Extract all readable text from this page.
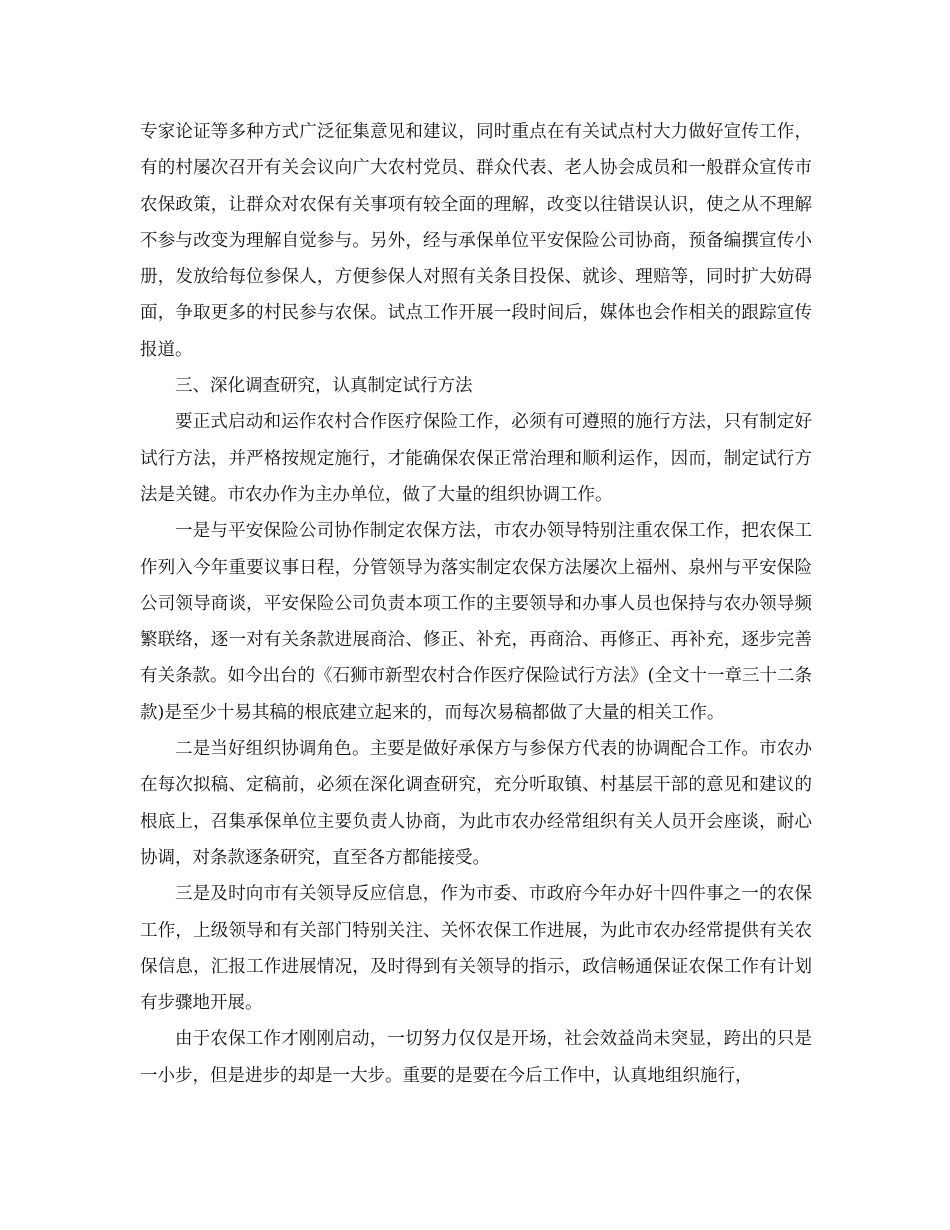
专家论证等多种方式广泛征集意见和建议，同时重点在有关试点村大力做好宣传工作，有的村屡次召开有关会议向广大农村党员、群众代表、老人协会成员和一般群众宣传市农保政策，让群众对农保有关事项有较全面的理解，改变以往错误认识，使之从不理解不参与改变为理解自觉参与。另外，经与承保单位平安保险公司协商，预备编撰宣传小册，发放给每位参保人，方便参保人对照有关条目投保、就诊、理赔等，同时扩大妨碍面，争取更多的村民参与农保。试点工作开展一段时间后，媒体也会作相关的跟踪宣传报道。

三、深化调查研究，认真制定试行方法

要正式启动和运作农村合作医疗保险工作，必须有可遵照的施行方法，只有制定好试行方法，并严格按规定施行，才能确保农保正常治理和顺利运作，因而，制定试行方法是关键。市农办作为主办单位，做了大量的组织协调工作。

一是与平安保险公司协作制定农保方法，市农办领导特别注重农保工作，把农保工作列入今年重要议事日程，分管领导为落实制定农保方法屡次上福州、泉州与平安保险公司领导商谈，平安保险公司负责本项工作的主要领导和办事人员也保持与农办领导频繁联络，逐一对有关条款进展商洽、修正、补充，再商洽、再修正、再补充，逐步完善有关条款。如今出台的《石狮市新型农村合作医疗保险试行方法》(全文十一章三十二条款)是至少十易其稿的根底建立起来的，而每次易稿都做了大量的相关工作。

二是当好组织协调角色。主要是做好承保方与参保方代表的协调配合工作。市农办在每次拟稿、定稿前，必须在深化调查研究，充分听取镇、村基层干部的意见和建议的根底上，召集承保单位主要负责人协商，为此市农办经常组织有关人员开会座谈，耐心协调，对条款逐条研究，直至各方都能接受。

三是及时向市有关领导反应信息，作为市委、市政府今年办好十四件事之一的农保工作，上级领导和有关部门特别关注、关怀农保工作进展，为此市农办经常提供有关农保信息，汇报工作进展情况，及时得到有关领导的指示，政信畅通保证农保工作有计划有步骤地开展。

由于农保工作才刚刚启动，一切努力仅仅是开场，社会效益尚未突显，跨出的只是一小步，但是进步的却是一大步。重要的是要在今后工作中，认真地组织施行，
